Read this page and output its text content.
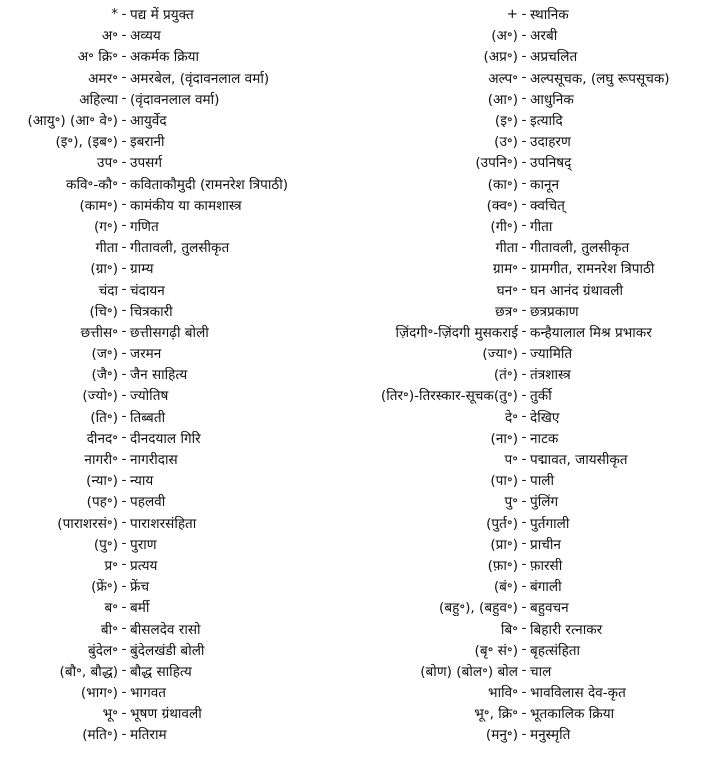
* - पद्य में प्रयुक्त
अ॰ - अव्यय
अ॰ क्रि॰ - अकर्मक क्रिया
अमर॰ - अमरबेल, (वृंदावनलाल वर्मा)
अहिल्या - (वृंदावनलाल वर्मा)
(आयु॰) (आ॰ वे॰) - आयुर्वेद
(इ॰), (इब॰) - इबरानी
उप॰ - उपसर्ग
कवि॰-कौ॰ - कविताकौमुदी (रामनरेश त्रिपाठी)
(काम॰) - कामंकीय या कामशास्त्र
(ग॰) - गणित
गीता - गीतावली, तुलसीकृत
(ग्रा॰) - ग्राम्य
चंदा - चंदायन
(चि॰) - चित्रकारी
छत्तीस॰ - छत्तीसगढ़ी बोली
(ज॰) - जरमन
(जै॰) - जैन साहित्य
(ज्यो॰) - ज्योतिष
(ति॰) - तिब्बती
दीनद॰ - दीनदयाल गिरि
नागरी॰ - नागरीदास
(न्या॰) - न्याय
(पह॰) - पहलवी
(पाराशरसं॰) - पाराशरसंहिता
(पु॰) - पुराण
प्र॰ - प्रत्यय
(फ्रें॰) - फ्रेंच
ब॰ - बर्मी
बी॰ - बीसलदेव रासो
बुंदेल॰ - बुंदेलखंडी बोली
(बौ॰, बौद्ध) - बौद्ध साहित्य
(भाग॰) - भागवत
भू॰ - भूषण ग्रंथावली
(मति॰) - मतिराम
+ - स्थानिक
(अ॰) - अरबी
(अप्र॰) - अप्रचलित
अल्प॰ - अल्पसूचक, (लघु रूपसूचक)
(आ॰) - आधुनिक
(इ॰) - इत्यादि
(उ॰) - उदाहरण
(उपनि॰) - उपनिषद्
(का॰) - कानून
(क्व॰) - क्वचित्
(गी॰) - गीता
गीता - गीतावली, तुलसीकृत
ग्राम॰ - ग्रामगीत, रामनरेश त्रिपाठी
घन॰ - घन आनंद ग्रंथावली
छत्र॰ - छत्रप्रकाण
ज़िंदगी॰-ज़िंदगी मुसकराई - कन्हैयालाल मिश्र प्रभाकर
(ज्या॰) - ज्यामिति
(तं॰) - तंत्रशास्त्र
(तिर॰)-तिरस्कार-सूचक(तु॰) - तुर्की
दे॰ - देखिए
(ना॰) - नाटक
प॰ - पद्मावत, जायसीकृत
(पा॰) - पाली
पु॰ - पुंलिंग
(पुर्त॰) - पुर्तगाली
(प्रा॰) - प्राचीन
(फ़ा॰) - फ़ारसी
(बं॰) - बंगाली
(बहु॰), (बहुव॰) - बहुवचन
बि॰ - बिहारी रत्नाकर
(बृ॰ सं॰) - बृहत्संहिता
(बोण) (बोल॰) बोल - चाल
भावि॰ - भावविलास देव-कृत
भू॰, क्रि॰ - भूतकालिक क्रिया
(मनु॰) - मनुस्मृति
